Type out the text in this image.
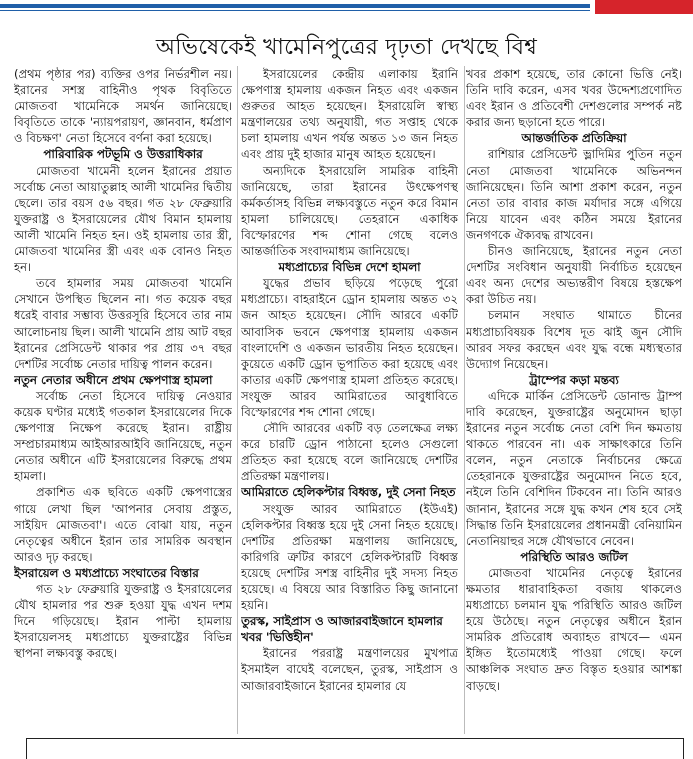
অভিষেকেই খামেনিপুত্রের দৃঢ়তা দেখছে বিশ্ব

(প্রথম পৃষ্ঠার পর) ব্যক্তির ওপর নির্ভরশীল নয়। ইরানের সশস্ত্র বাহিনীও পৃথক বিবৃতিতে মোজতবা খামেনিকে সমর্থন জানিয়েছে। বিবৃতিতে তাকে 'ন্যায়পরায়ণ, জ্ঞানবান, ধর্মপ্রাণ ও বিচক্ষণ' নেতা হিসেবে বর্ণনা করা হয়েছে।

পারিবারিক পটভূমি ও উত্তরাধিকার

মোজতবা খামেনী হলেন ইরানের প্রয়াত সর্বোচ্চ নেতা আয়াতুল্লাহ আলী খামেনির দ্বিতীয় ছেলে। তার বয়স ৫৬ বছর। গত ২৮ ফেব্রুয়ারি যুক্তরাষ্ট্র ও ইসরায়েলের যৌথ বিমান হামলায় আলী খামেনি নিহত হন। ওই হামলায় তার স্ত্রী, মোজতবা খামেনির স্ত্রী এবং এক বোনও নিহত হন।

তবে হামলার সময় মোজতবা খামেনি সেখানে উপস্থিত ছিলেন না। গত কয়েক বছর ধরেই বাবার সম্ভাব্য উত্তরসূরি হিসেবে তার নাম আলোচনায় ছিল। আলী খামেনি প্রায় আট বছর ইরানের প্রেসিডেন্ট থাকার পর প্রায় ৩৭ বছর দেশটির সর্বোচ্চ নেতার দায়িত্ব পালন করেন।

নতুন নেতার অধীনে প্রথম ক্ষেপণাস্ত্র হামলা

সর্বোচ্চ নেতা হিসেবে দায়িত্ব নেওয়ার কয়েক ঘণ্টার মধ্যেই গতকাল ইসরায়েলের দিকে ক্ষেপণাস্ত্র নিক্ষেপ করেছে ইরান। রাষ্ট্রীয় সম্প্রচারমাধ্যম আইআরআইবি জানিয়েছে, নতুন নেতার অধীনে এটি ইসরায়েলের বিরুদ্ধে প্রথম হামলা।

প্রকাশিত এক ছবিতে একটি ক্ষেপণাস্ত্রের গায়ে লেখা ছিল 'আপনার সেবায় প্রস্তুত, সাইয়িদ মোজতবা'। এতে বোঝা যায়, নতুন নেতৃত্বের অধীনে ইরান তার সামরিক অবস্থান আরও দৃঢ় করছে।

ইসরায়েল ও মধ্যপ্রাচ্যে সংঘাতের বিস্তার

গত ২৮ ফেব্রুয়ারি যুক্তরাষ্ট্র ও ইসরায়েলের যৌথ হামলার পর শুরু হওয়া যুদ্ধ এখন দশম দিনে গড়িয়েছে। ইরান পাল্টা হামলায় ইসরায়েলসহ মধ্যপ্রাচ্যে যুক্তরাষ্ট্রের বিভিন্ন স্থাপনা লক্ষ্যবস্তু করছে।

ইসরায়েলের কেন্দ্রীয় এলাকায় ইরানি ক্ষেপণাস্ত্র হামলায় একজন নিহত এবং একজন গুরুতর আহত হয়েছেন। ইসরায়েলি স্বাস্থ্য মন্ত্রণালয়ের তথ্য অনুযায়ী, গত সপ্তাহ থেকে চলা হামলায় এখন পর্যন্ত অন্তত ১৩ জন নিহত এবং প্রায় দুই হাজার মানুষ আহত হয়েছেন।

অন্যদিকে ইসরায়েলি সামরিক বাহিনী জানিয়েছে, তারা ইরানের উৎক্ষেপণস্থ কর্মকর্তাসহ বিভিন্ন লক্ষ্যবস্তুতে নতুন করে বিমান হামলা চালিয়েছে। তেহরানে একাধিক বিস্ফোরণের শব্দ শোনা গেছে বলেও আন্তর্জাতিক সংবাদমাধ্যম জানিয়েছে।

মধ্যপ্রাচ্যের বিভিন্ন দেশে হামলা

যুদ্ধের প্রভাব ছড়িয়ে পড়েছে পুরো মধ্যপ্রাচ্যে। বাহরাইনে ড্রোন হামলায় অন্তত ৩২ জন আহত হয়েছেন। সৌদি আরবে একটি আবাসিক ভবনে ক্ষেপণাস্ত্র হামলায় একজন বাংলাদেশি ও একজন ভারতীয় নিহত হয়েছেন। কুয়েতে একটি ড্রোন ভূপাতিত করা হয়েছে এবং কাতার একটি ক্ষেপণাস্ত্র হামলা প্রতিহত করেছে। সংযুক্ত আরব আমিরাতের আবুধাবিতে বিস্ফোরণের শব্দ শোনা গেছে।

সৌদি আরবের একটি বড় তেলক্ষেত্র লক্ষ্য করে চারটি ড্রোন পাঠানো হলেও সেগুলো প্রতিহত করা হয়েছে বলে জানিয়েছে দেশটির প্রতিরক্ষা মন্ত্রণালয়।

আমিরাতে হেলিকপ্টার বিধ্বস্ত, দুই সেনা নিহত

সংযুক্ত আরব আমিরাতে (ইউএই) হেলিকপ্টার বিধ্বস্ত হয়ে দুই সেনা নিহত হয়েছে। দেশটির প্রতিরক্ষা মন্ত্রণালয় জানিয়েছে, কারিগরি ত্রুটির কারণে হেলিকপ্টারটি বিধ্বস্ত হয়েছে দেশটির সশস্ত্র বাহিনীর দুই সদস্য নিহত হয়েছে। এ বিষয়ে আর বিস্তারিত কিছু জানানো হয়নি।

তুরস্ক, সাইপ্রাস ও আজারবাইজানে হামলার খবর 'ভিত্তিহীন'

ইরানের পররাষ্ট্র মন্ত্রণালয়ের মুখপাত্র ইসমাইল বাঘেই বলেছেন, তুরস্ক, সাইপ্রাস ও আজারবাইজানে ইরানের হামলার যে

খবর প্রকাশ হয়েছে, তার কোনো ভিত্তি নেই। তিনি দাবি করেন, এসব খবর উদ্দেশ্যপ্রণোদিত এবং ইরান ও প্রতিবেশী দেশগুলোর সম্পর্ক নষ্ট করার জন্য ছড়ানো হতে পারে।

আন্তর্জাতিক প্রতিক্রিয়া

রাশিয়ার প্রেসিডেন্ট ভ্লাদিমির পুতিন নতুন নেতা মোজতবা খামেনিকে অভিনন্দন জানিয়েছেন। তিনি আশা প্রকাশ করেন, নতুন নেতা তার বাবার কাজ মর্যাদার সঙ্গে এগিয়ে নিয়ে যাবেন এবং কঠিন সময়ে ইরানের জনগণকে ঐক্যবদ্ধ রাখবেন।

চীনও জানিয়েছে, ইরানের নতুন নেতা দেশটির সংবিধান অনুযায়ী নির্বাচিত হয়েছেন এবং অন্য দেশের অভ্যন্তরীণ বিষয়ে হস্তক্ষেপ করা উচিত নয়।

চলমান সংঘাত থামাতে চীনের মধ্যপ্রাচ্যবিষয়ক বিশেষ দূত ঝাই জুন সৌদি আরব সফর করছেন এবং যুদ্ধ বন্ধে মধ্যস্থতার উদ্যোগ নিয়েছেন।

ট্রাম্পের কড়া মন্তব্য

এদিকে মার্কিন প্রেসিডেন্ট ডোনাল্ড ট্রাম্প দাবি করেছেন, যুক্তরাষ্ট্রের অনুমোদন ছাড়া ইরানের নতুন সর্বোচ্চ নেতা বেশি দিন ক্ষমতায় থাকতে পারবেন না। এক সাক্ষাৎকারে তিনি বলেন, নতুন নেতাকে নির্বাচনের ক্ষেত্রে তেহরানকে যুক্তরাষ্ট্রের অনুমোদন নিতে হবে, নইলে তিনি বেশিদিন টিকবেন না। তিনি আরও জানান, ইরানের সঙ্গে যুদ্ধ কখন শেষ হবে সেই সিদ্ধান্ত তিনি ইসরায়েলের প্রধানমন্ত্রী বেনিয়ামিন নেতানিয়াহুর সঙ্গে যৌথভাবে নেবেন।

পরিস্থিতি আরও জটিল

মোজতবা খামেনির নেতৃত্বে ইরানের ক্ষমতার ধারাবাহিকতা বজায় থাকলেও মধ্যপ্রাচ্যে চলমান যুদ্ধ পরিস্থিতি আরও জটিল হয়ে উঠেছে। নতুন নেতৃত্বের অধীনে ইরান সামরিক প্রতিরোধ অব্যাহত রাখবে— এমন ইঙ্গিত ইতোমধ্যেই পাওয়া গেছে। ফলে আঞ্চলিক সংঘাত দ্রুত বিস্তৃত হওয়ার আশঙ্কা বাড়ছে।
